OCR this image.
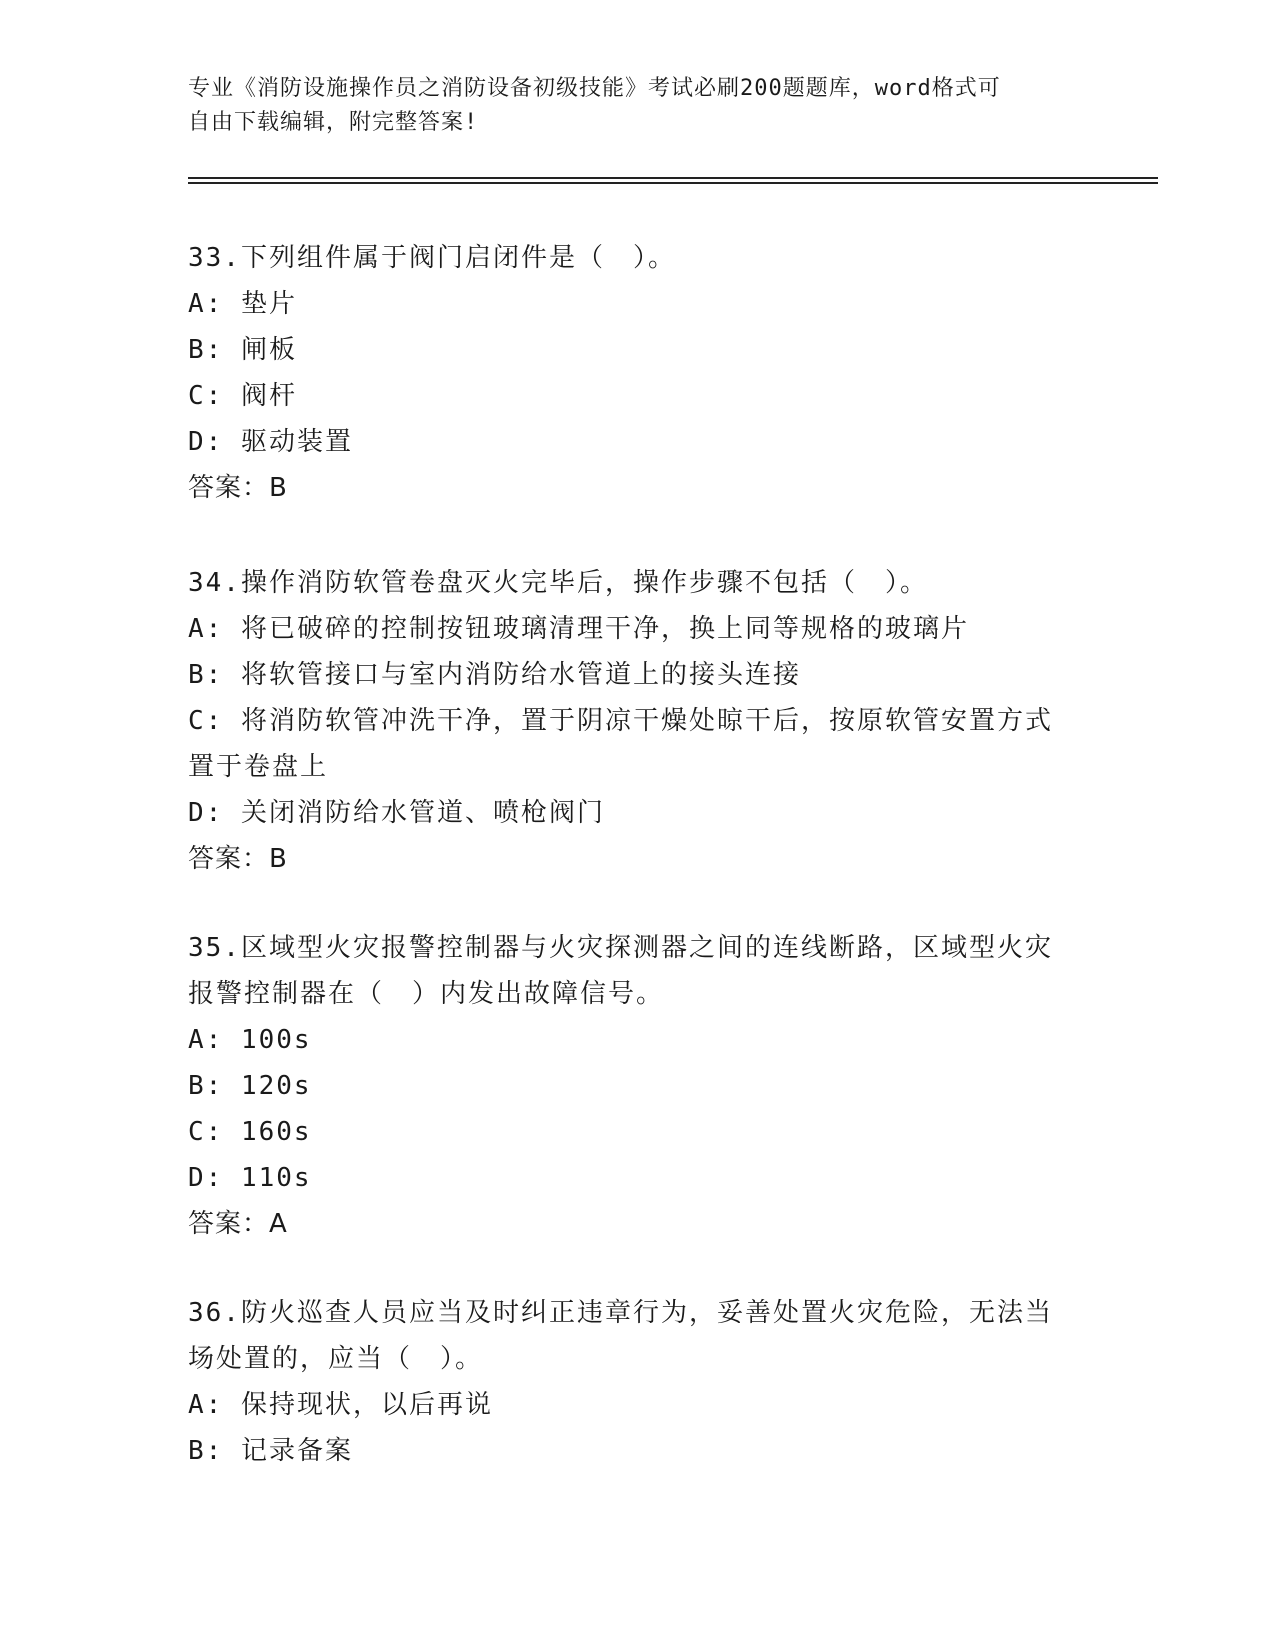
专业《消防设施操作员之消防设备初级技能》考试必刷200题题库，word格式可
自由下载编辑，附完整答案!
33.下列组件属于阀门启闭件是（　）。
A: 垫片
B: 闸板
C: 阀杆
D: 驱动装置
答案：B
34.操作消防软管卷盘灭火完毕后，操作步骤不包括（　）。
A: 将已破碎的控制按钮玻璃清理干净，换上同等规格的玻璃片
B: 将软管接口与室内消防给水管道上的接头连接
C: 将消防软管冲洗干净，置于阴凉干燥处晾干后，按原软管安置方式
置于卷盘上
D: 关闭消防给水管道、喷枪阀门
答案：B
35.区域型火灾报警控制器与火灾探测器之间的连线断路，区域型火灾
报警控制器在（　）内发出故障信号。
A: 100s
B: 120s
C: 160s
D: 110s
答案：A
36.防火巡查人员应当及时纠正违章行为，妥善处置火灾危险，无法当
场处置的，应当（　）。
A: 保持现状，以后再说
B: 记录备案
